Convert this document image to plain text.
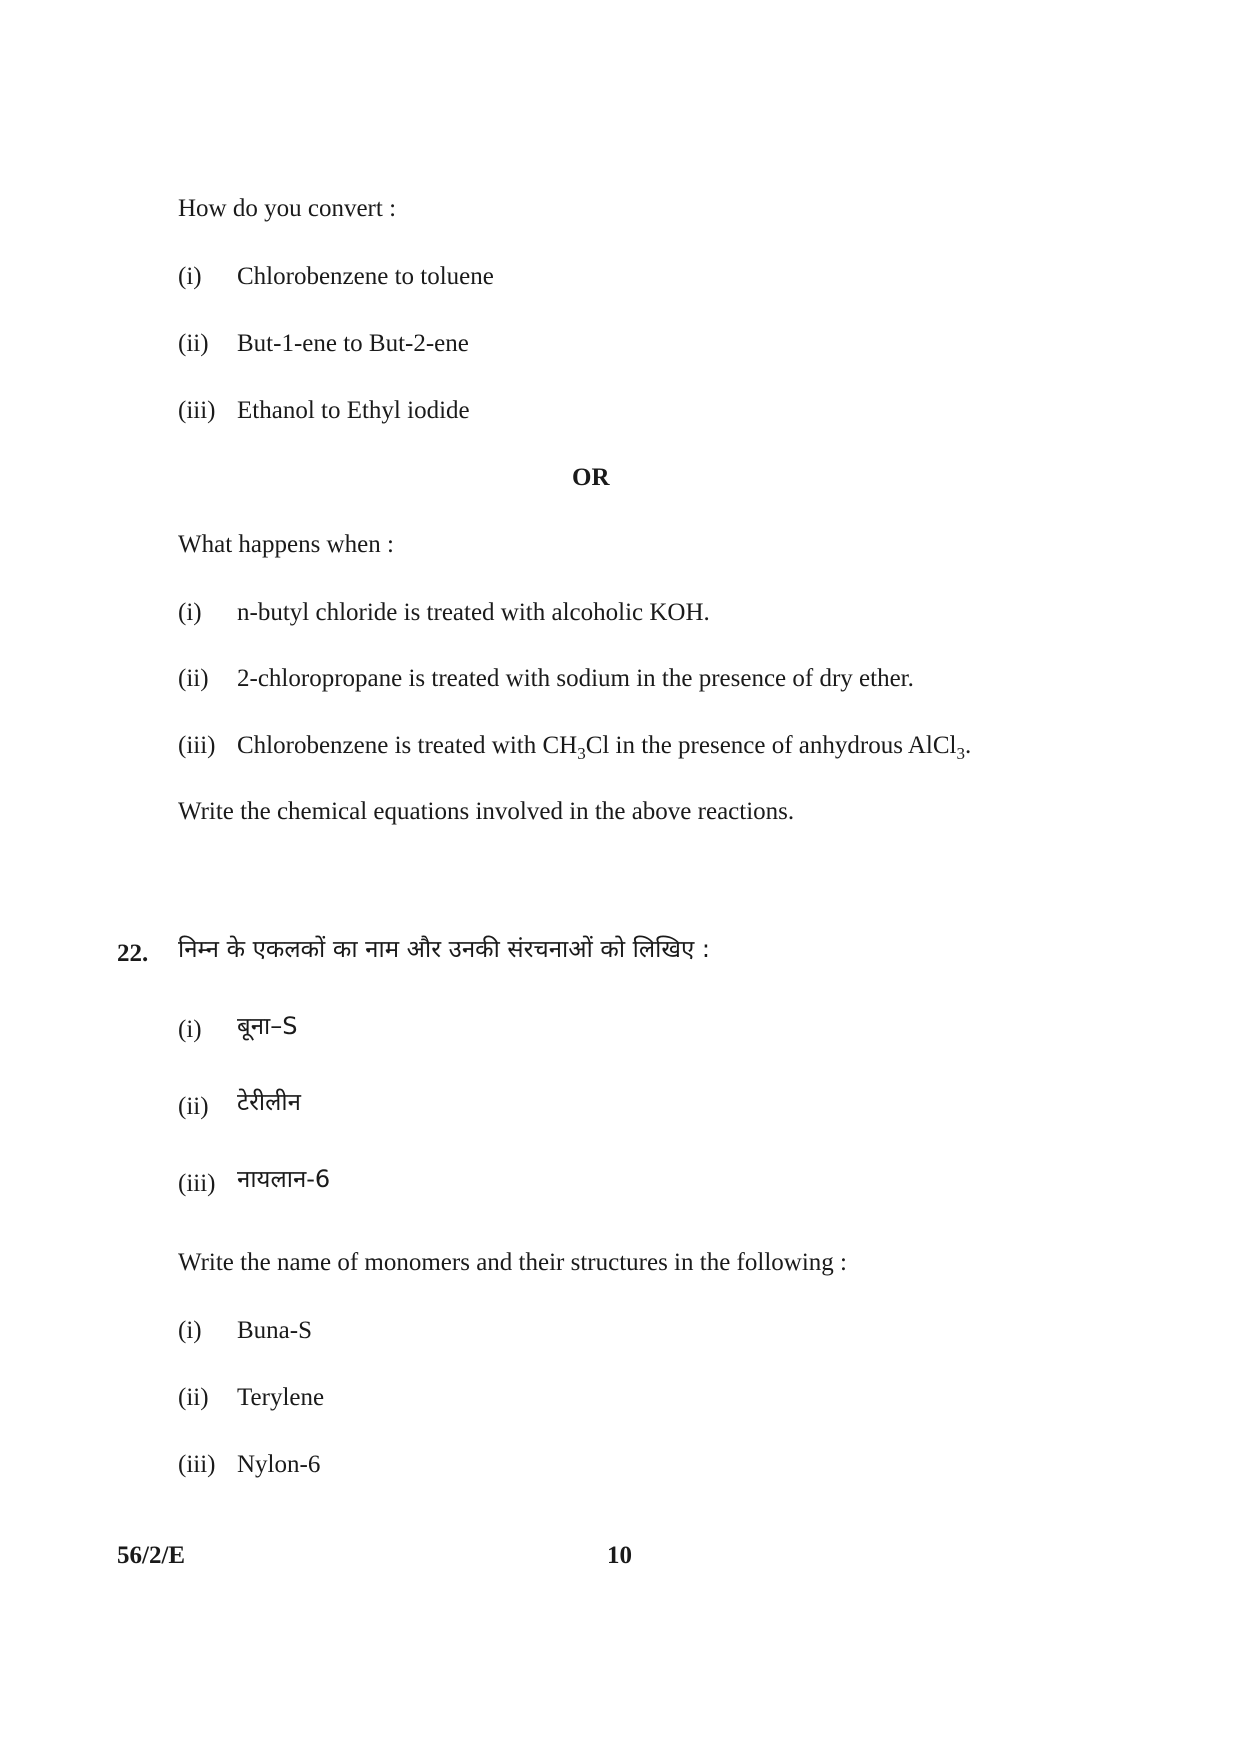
How do you convert :
(i) Chlorobenzene to toluene
(ii) But-1-ene to But-2-ene
(iii) Ethanol to Ethyl iodide
OR
What happens when :
(i) n-butyl chloride is treated with alcoholic KOH.
(ii) 2-chloropropane is treated with sodium in the presence of dry ether.
(iii) Chlorobenzene is treated with $CH_3Cl$ in the presence of anhydrous AlCl$_3$.
Write the chemical equations involved in the above reactions.
22. निम्न के एकलकों का नाम और उनकी संरचनाओं को लिखिए :
(i) बूना–S
(ii) टेरीलीन
(iii) नायलान-6
Write the name of monomers and their structures in the following :
(i) Buna-S
(ii) Terylene
(iii) Nylon-6
56/2/E	10
